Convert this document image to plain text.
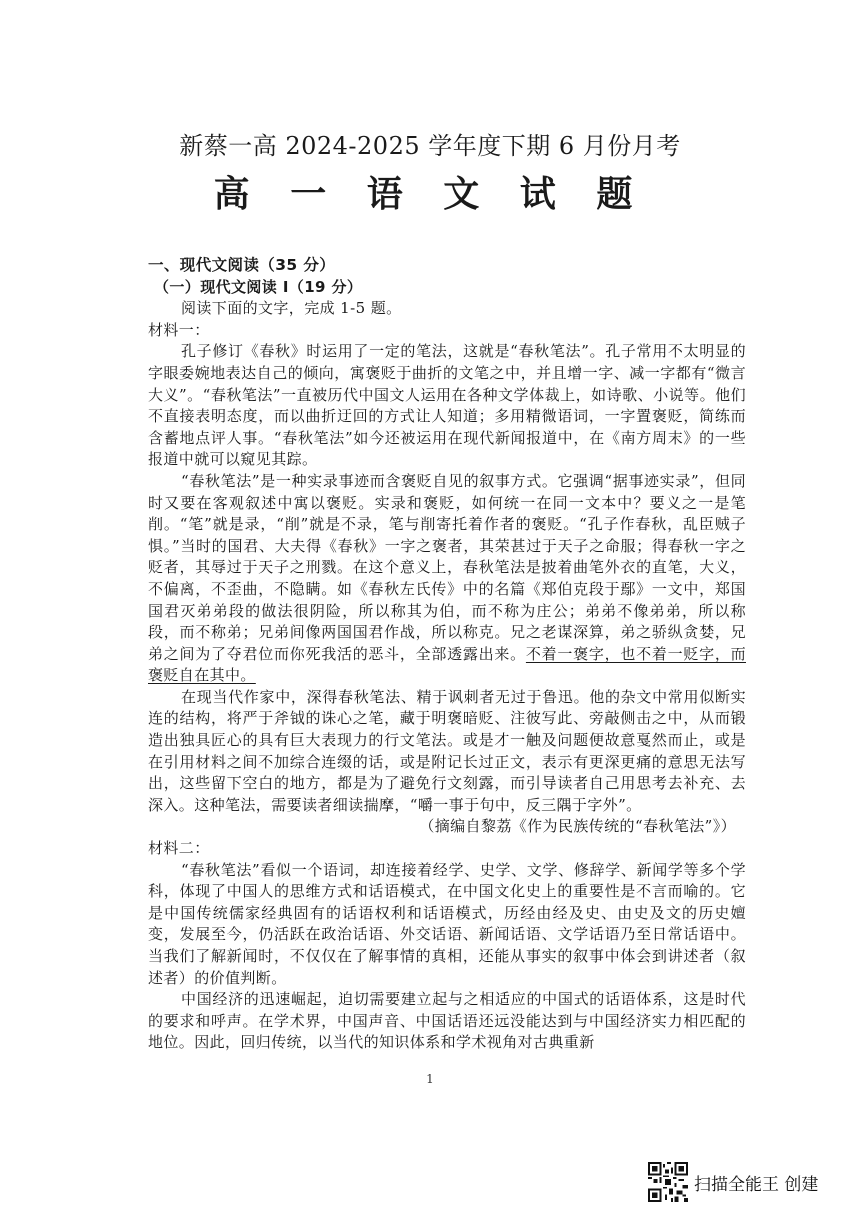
新蔡一高 2024-2025 学年度下期 6 月份月考
高 一 语 文 试 题
一、现代文阅读（35 分）
（一）现代文阅读 I（19 分）
阅读下面的文字，完成 1-5 题。
材料一：

孔子修订《春秋》时运用了一定的笔法，这就是“春秋笔法”。孔子常用不太明显的字眼委婉地表达自己的倾向，寓褒贬于曲折的文笔之中，并且增一字、减一字都有“微言大义”。“春秋笔法”一直被历代中国文人运用在各种文学体裁上，如诗歌、小说等。他们不直接表明态度，而以曲折迂回的方式让人知道；多用精微语词，一字置褒贬，简练而含蓄地点评人事。“春秋笔法”如今还被运用在现代新闻报道中，在《南方周末》的一些报道中就可以窥见其踪。

“春秋笔法”是一种实录事迹而含褒贬自见的叙事方式。它强调“据事迹实录”，但同时又要在客观叙述中寓以褒贬。实录和褒贬，如何统一在同一文本中？要义之一是笔削。“笔”就是录，“削”就是不录，笔与削寄托着作者的褒贬。“孔子作春秋，乱臣贼子惧。”当时的国君、大夫得《春秋》一字之褒者，其荣甚过于天子之命服；得春秋一字之贬者，其辱过于天子之刑戮。在这个意义上，春秋笔法是披着曲笔外衣的直笔，大义，不偏离，不歪曲，不隐瞒。如《春秋左氏传》中的名篇《郑伯克段于鄢》一文中，郑国国君灭弟弟段的做法很阴险，所以称其为伯，而不称为庄公；弟弟不像弟弟，所以称段，而不称弟；兄弟间像两国国君作战，所以称克。兄之老谋深算，弟之骄纵贪婪，兄弟之间为了夺君位而你死我活的恶斗，全部透露出来。不着一褒字，也不着一贬字，而褒贬自在其中。

在现当代作家中，深得春秋笔法、精于讽刺者无过于鲁迅。他的杂文中常用似断实连的结构，将严于斧钺的诛心之笔，藏于明褒暗贬、注彼写此、旁敲侧击之中，从而锻造出独具匠心的具有巨大表现力的行文笔法。或是才一触及问题便故意戛然而止，或是在引用材料之间不加综合连缀的话，或是附记长过正文，表示有更深更痛的意思无法写出，这些留下空白的地方，都是为了避免行文刻露，而引导读者自己用思考去补充、去深入。这种笔法，需要读者细读揣摩，“嚼一事于句中，反三隅于字外”。

（摘编自黎荔《作为民族传统的“春秋笔法”》）
材料二：

“春秋笔法”看似一个语词，却连接着经学、史学、文学、修辞学、新闻学等多个学科，体现了中国人的思维方式和话语模式，在中国文化史上的重要性是不言而喻的。它是中国传统儒家经典固有的话语权利和话语模式，历经由经及史、由史及文的历史嬗变，发展至今，仍活跃在政治话语、外交话语、新闻话语、文学话语乃至日常话语中。当我们了解新闻时，不仅仅在了解事情的真相，还能从事实的叙事中体会到讲述者（叙述者）的价值判断。

中国经济的迅速崛起，迫切需要建立起与之相适应的中国式的话语体系，这是时代的要求和呼声。在学术界，中国声音、中国话语还远没能达到与中国经济实力相匹配的地位。因此，回归传统，以当代的知识体系和学术视角对古典重新

1
扫描全能王 创建
